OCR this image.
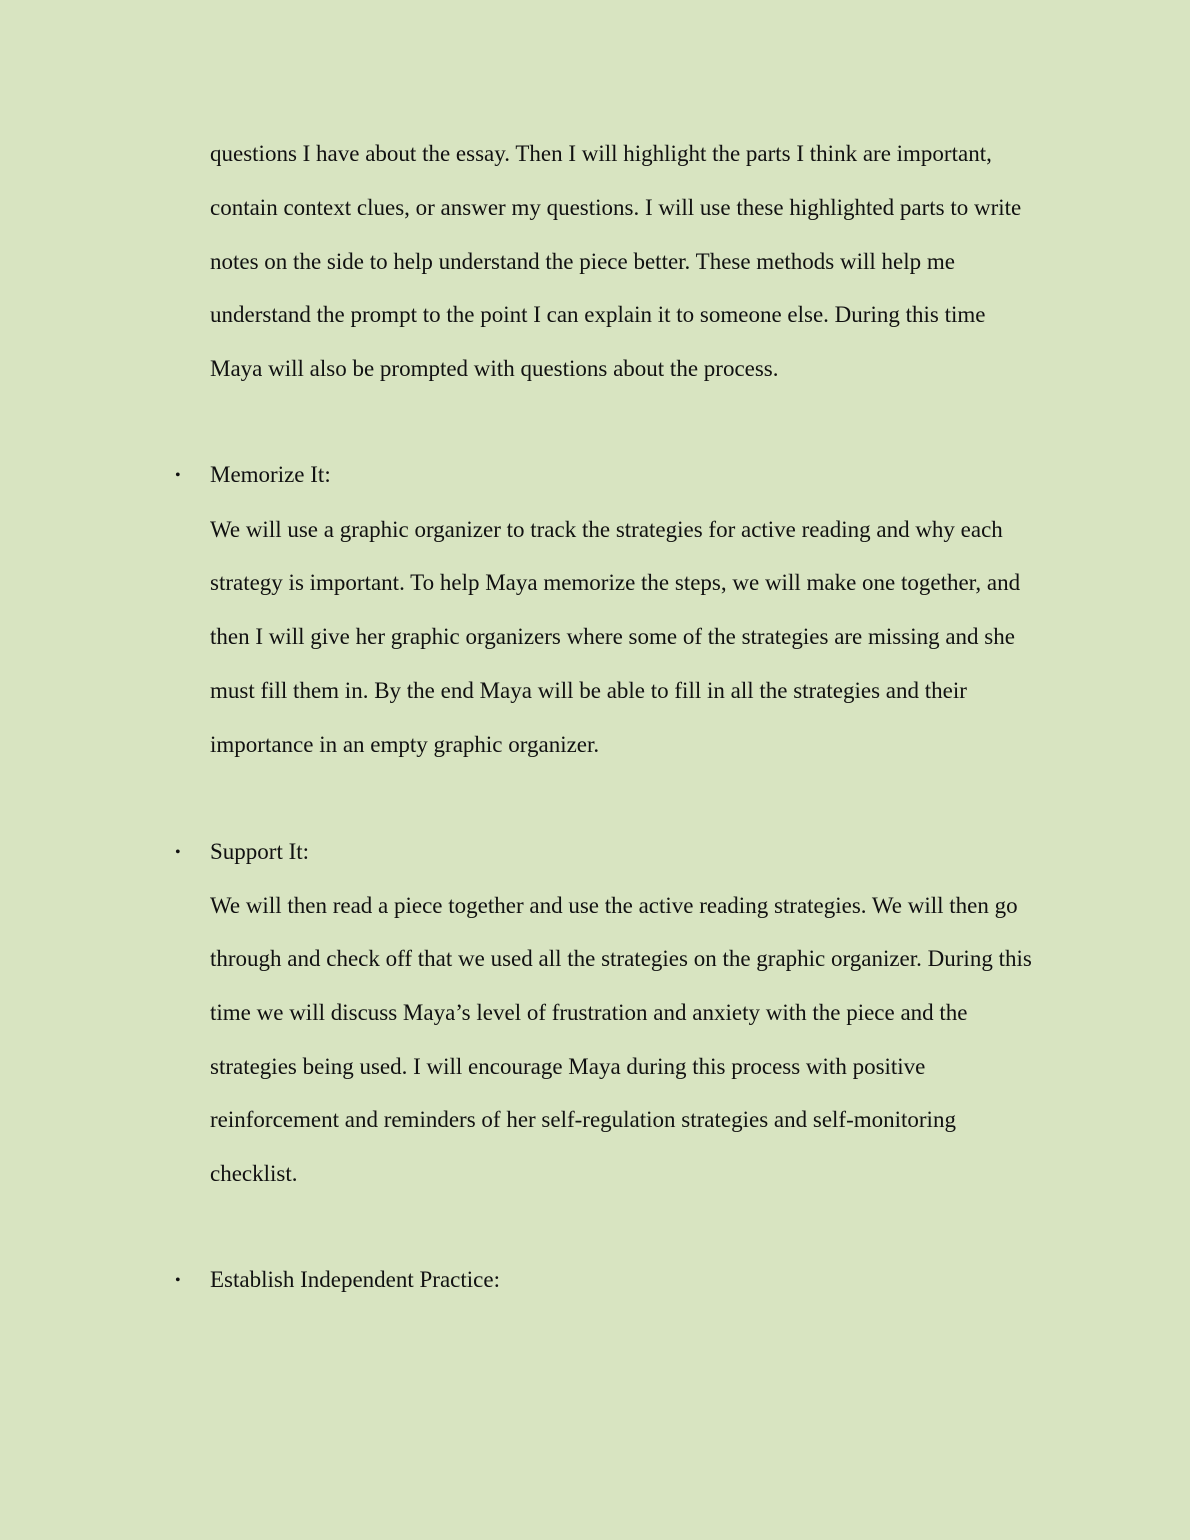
questions I have about the essay. Then I will highlight the parts I think are important,
contain context clues, or answer my questions. I will use these highlighted parts to write
notes on the side to help understand the piece better. These methods will help me
understand the prompt to the point I can explain it to someone else. During this time
Maya will also be prompted with questions about the process.
• Memorize It:
We will use a graphic organizer to track the strategies for active reading and why each
strategy is important. To help Maya memorize the steps, we will make one together, and
then I will give her graphic organizers where some of the strategies are missing and she
must fill them in. By the end Maya will be able to fill in all the strategies and their
importance in an empty graphic organizer.
• Support It:
We will then read a piece together and use the active reading strategies. We will then go
through and check off that we used all the strategies on the graphic organizer. During this
time we will discuss Maya’s level of frustration and anxiety with the piece and the
strategies being used. I will encourage Maya during this process with positive
reinforcement and reminders of her self-regulation strategies and self-monitoring
checklist.
• Establish Independent Practice:
